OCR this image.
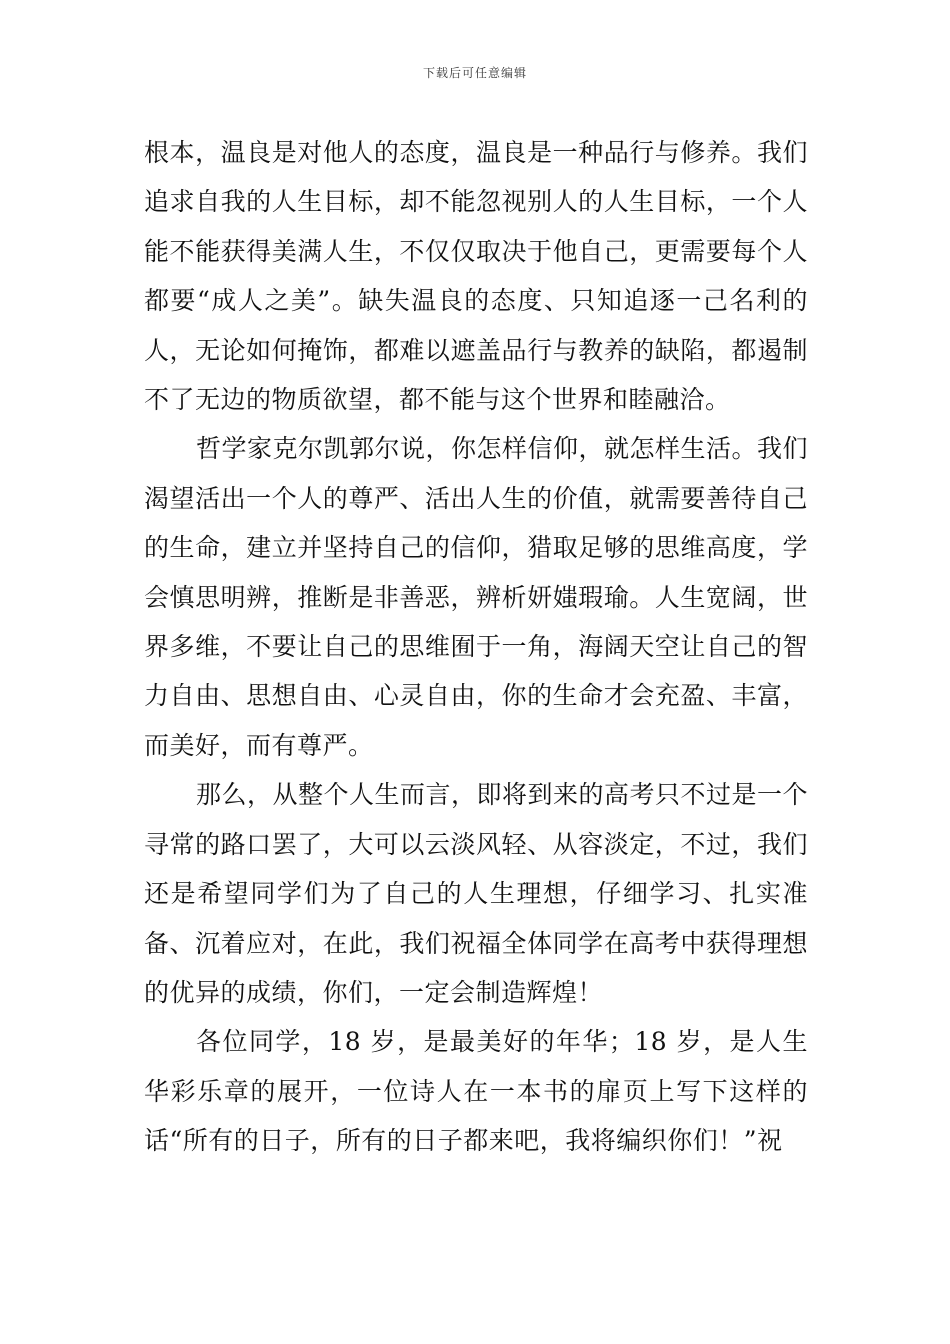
下载后可任意编辑

根本，温良是对他人的态度，温良是一种品行与修养。我们追求自我的人生目标，却不能忽视别人的人生目标，一个人能不能获得美满人生，不仅仅取决于他自己，更需要每个人都要“成人之美”。缺失温良的态度、只知追逐一己名利的人，无论如何掩饰，都难以遮盖品行与教养的缺陷，都遏制不了无边的物质欲望，都不能与这个世界和睦融洽。

哲学家克尔凯郭尔说，你怎样信仰，就怎样生活。我们渴望活出一个人的尊严、活出人生的价值，就需要善待自己的生命，建立并坚持自己的信仰，猎取足够的思维高度，学会慎思明辨，推断是非善恶，辨析妍媸瑕瑜。人生宽阔，世界多维，不要让自己的思维囿于一角，海阔天空让自己的智力自由、思想自由、心灵自由，你的生命才会充盈、丰富，而美好，而有尊严。

那么，从整个人生而言，即将到来的高考只不过是一个寻常的路口罢了，大可以云淡风轻、从容淡定，不过，我们还是希望同学们为了自己的人生理想，仔细学习、扎实准备、沉着应对，在此，我们祝福全体同学在高考中获得理想的优异的成绩，你们，一定会制造辉煌！

各位同学，18 岁，是最美好的年华；18 岁，是人生华彩乐章的展开，一位诗人在一本书的扉页上写下这样的话“所有的日子，所有的日子都来吧，我将编织你们！”祝
